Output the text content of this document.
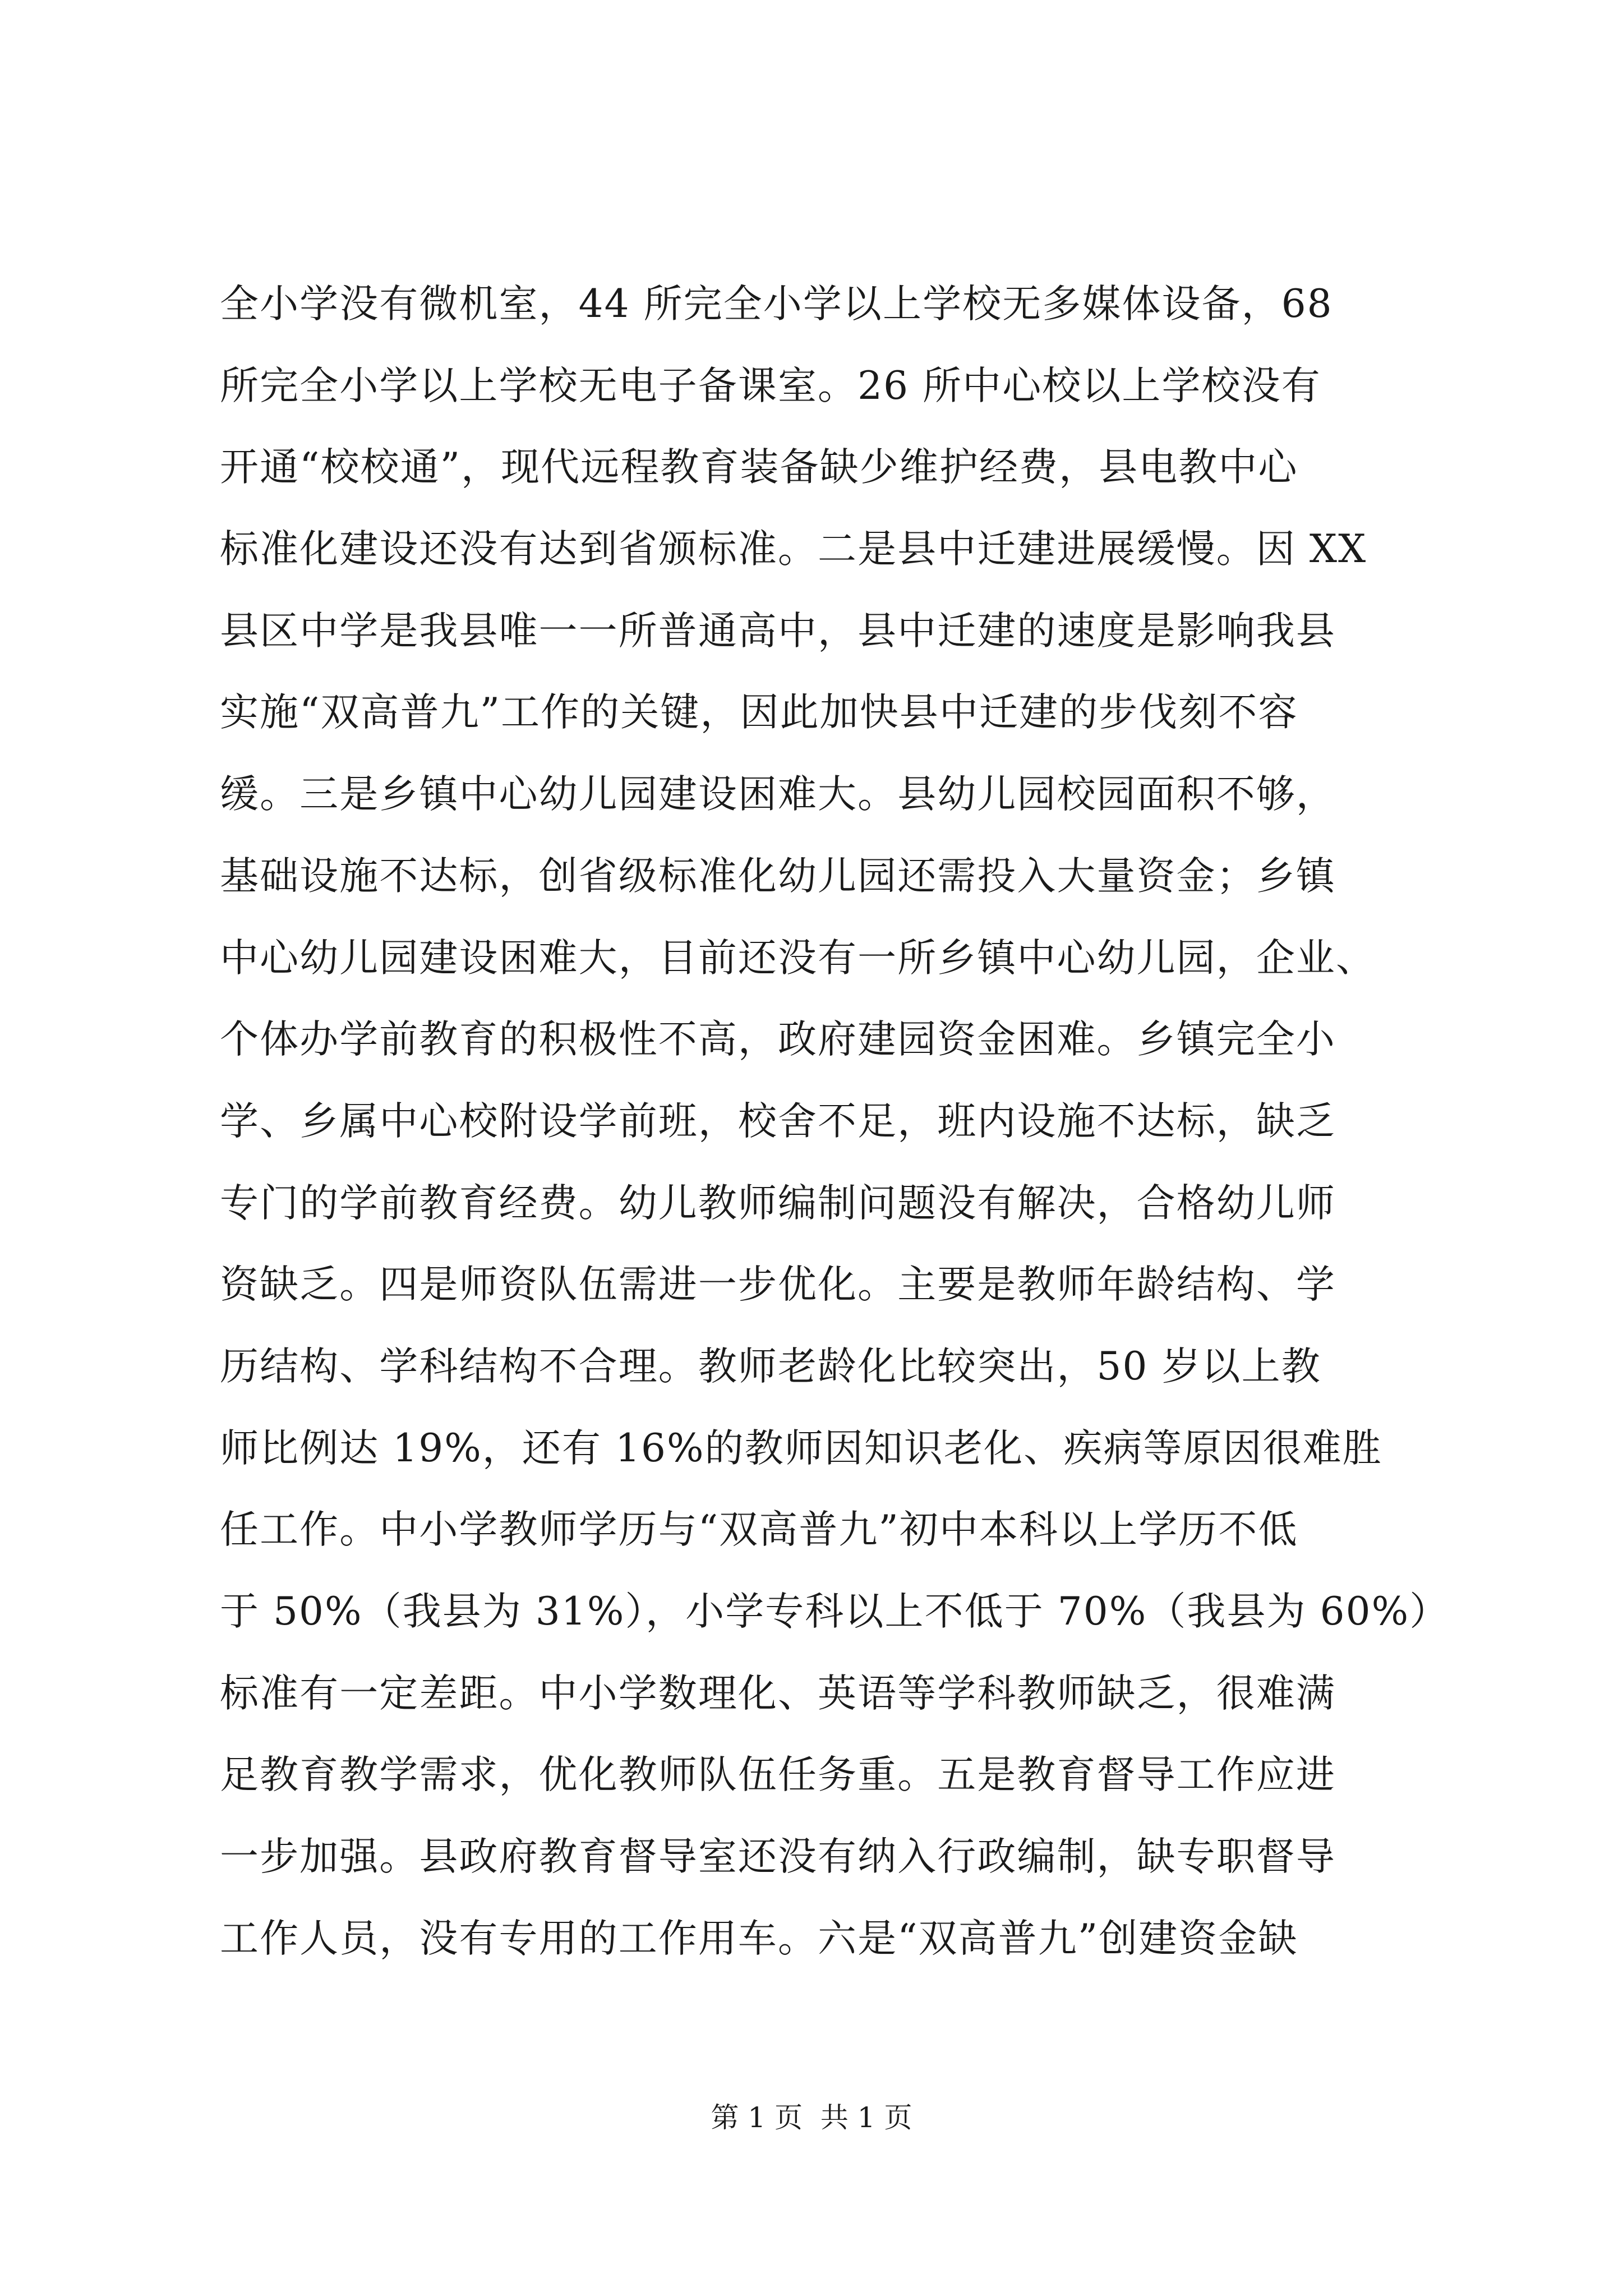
全小学没有微机室，44 所完全小学以上学校无多媒体设备，68
所完全小学以上学校无电子备课室。26 所中心校以上学校没有
开通“校校通”，现代远程教育装备缺少维护经费，县电教中心
标准化建设还没有达到省颁标准。二是县中迁建进展缓慢。因 XX
县区中学是我县唯一一所普通高中，县中迁建的速度是影响我县
实施“双高普九”工作的关键，因此加快县中迁建的步伐刻不容
缓。三是乡镇中心幼儿园建设困难大。县幼儿园校园面积不够，
基础设施不达标，创省级标准化幼儿园还需投入大量资金；乡镇
中心幼儿园建设困难大，目前还没有一所乡镇中心幼儿园，企业、
个体办学前教育的积极性不高，政府建园资金困难。乡镇完全小
学、乡属中心校附设学前班，校舍不足，班内设施不达标，缺乏
专门的学前教育经费。幼儿教师编制问题没有解决，合格幼儿师
资缺乏。四是师资队伍需进一步优化。主要是教师年龄结构、学
历结构、学科结构不合理。教师老龄化比较突出，50 岁以上教
师比例达 19%，还有 16%的教师因知识老化、疾病等原因很难胜
任工作。中小学教师学历与“双高普九”初中本科以上学历不低
于 50%（我县为 31%），小学专科以上不低于 70%（我县为 60%）
标准有一定差距。中小学数理化、英语等学科教师缺乏，很难满
足教育教学需求，优化教师队伍任务重。五是教育督导工作应进
一步加强。县政府教育督导室还没有纳入行政编制，缺专职督导
工作人员，没有专用的工作用车。六是“双高普九”创建资金缺
第 1 页  共 1 页
